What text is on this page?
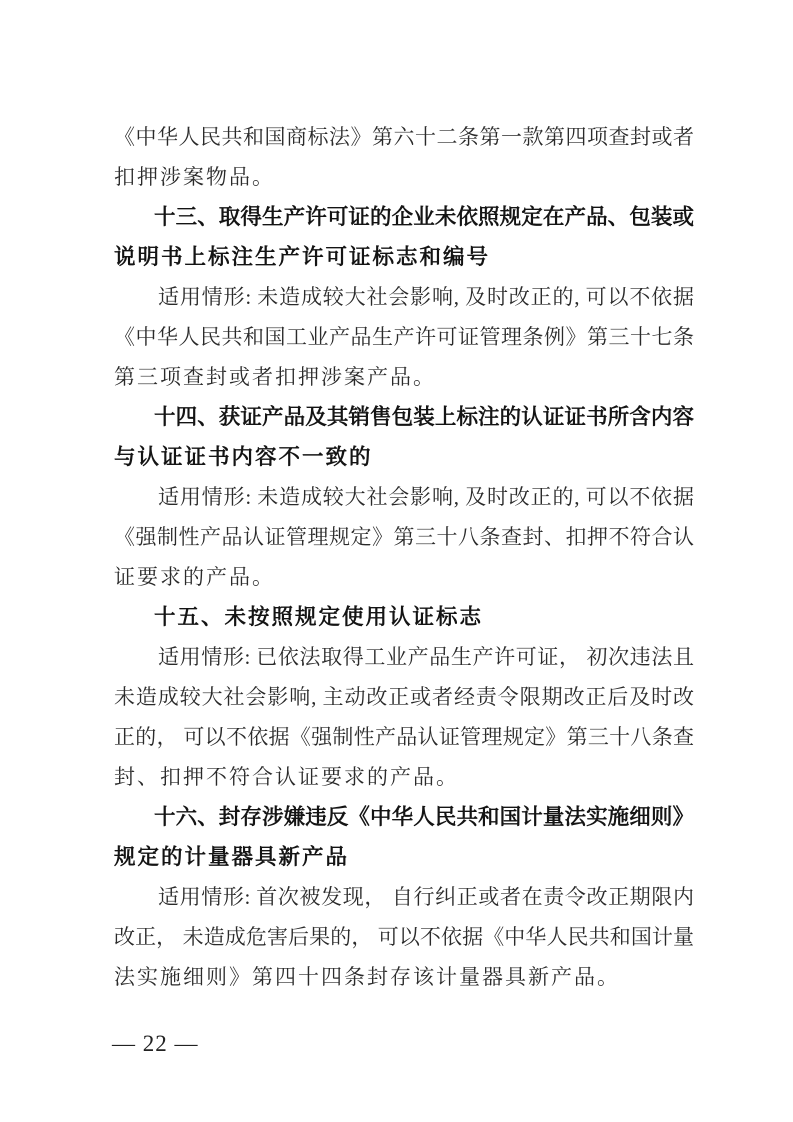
《中华人民共和国商标法》第六十二条第一款第四项查封或者
扣押涉案物品。
十三、取得生产许可证的企业未依照规定在产品、包装或
说明书上标注生产许可证标志和编号
适用情形: 未造成较大社会影响, 及时改正的, 可以不依据
《中华人民共和国工业产品生产许可证管理条例》第三十七条
第三项查封或者扣押涉案产品。
十四、获证产品及其销售包装上标注的认证证书所含内容
与认证证书内容不一致的
适用情形: 未造成较大社会影响, 及时改正的, 可以不依据
《强制性产品认证管理规定》第三十八条查封、扣押不符合认
证要求的产品。
十五、未按照规定使用认证标志
适用情形: 已依法取得工业产品生产许可证， 初次违法且
未造成较大社会影响, 主动改正或者经责令限期改正后及时改
正的， 可以不依据《强制性产品认证管理规定》第三十八条查
封、扣押不符合认证要求的产品。
十六、封存涉嫌违反《中华人民共和国计量法实施细则》
规定的计量器具新产品
适用情形: 首次被发现， 自行纠正或者在责令改正期限内
改正， 未造成危害后果的， 可以不依据《中华人民共和国计量
法实施细则》第四十四条封存该计量器具新产品。
— 22 —
